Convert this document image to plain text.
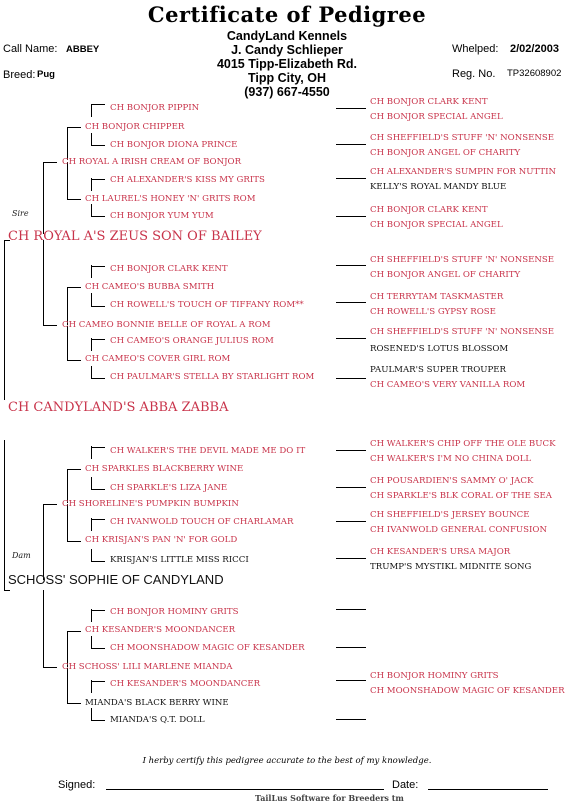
Certificate of Pedigree
CandyLand Kennels
J. Candy Schlieper
4015 Tipp-Elizabeth Rd.
Tipp City, OH
(937) 667-4550
Call Name: ABBEY
Breed: Pug
Whelped: 2/02/2003
Reg. No. TP32608902
Sire
CH BONJOR PIPPIN
CH BONJOR CHIPPER
CH BONJOR DIONA PRINCE
CH ROYAL A IRISH CREAM OF BONJOR
CH ALEXANDER'S KISS MY GRITS
CH LAUREL'S HONEY 'N' GRITS ROM
CH BONJOR YUM YUM
CH ROYAL A'S ZEUS SON OF BAILEY
CH BONJOR CLARK KENT
CH CAMEO'S BUBBA SMITH
CH ROWELL'S TOUCH OF TIFFANY ROM**
CH CAMEO BONNIE BELLE OF ROYAL A ROM
CH CAMEO'S ORANGE JULIUS ROM
CH CAMEO'S COVER GIRL ROM
CH PAULMAR'S STELLA BY STARLIGHT ROM
CH BONJOR CLARK KENT
CH BONJOR SPECIAL ANGEL
CH SHEFFIELD'S STUFF 'N' NONSENSE
CH BONJOR ANGEL OF CHARITY
CH ALEXANDER'S SUMPIN FOR NUTTIN
KELLY'S ROYAL MANDY BLUE
CH BONJOR CLARK KENT
CH BONJOR SPECIAL ANGEL
CH SHEFFIELD'S STUFF 'N' NONSENSE
CH BONJOR ANGEL OF CHARITY
CH TERRYTAM TASKMASTER
CH ROWELL'S GYPSY ROSE
CH SHEFFIELD'S STUFF 'N' NONSENSE
ROSENED'S LOTUS BLOSSOM
PAULMAR'S SUPER TROUPER
CH CAMEO'S VERY VANILLA ROM
CH CANDYLAND'S ABBA ZABBA
Dam
CH WALKER'S THE DEVIL MADE ME DO IT
CH SPARKLES BLACKBERRY WINE
CH SPARKLE'S LIZA JANE
CH SHORELINE'S PUMPKIN BUMPKIN
CH IVANWOLD TOUCH OF CHARLAMAR
CH KRISJAN'S PAN 'N' FOR GOLD
KRISJAN'S LITTLE MISS RICCI
SCHOSS' SOPHIE OF CANDYLAND
CH BONJOR HOMINY GRITS
CH KESANDER'S MOONDANCER
CH MOONSHADOW MAGIC OF KESANDER
CH SCHOSS' LILI MARLENE MIANDA
CH KESANDER'S MOONDANCER
MIANDA'S BLACK BERRY WINE
MIANDA'S Q.T. DOLL
CH WALKER'S CHIP OFF THE OLE BUCK
CH WALKER'S I'M NO CHINA DOLL
CH POUSARDIEN'S SAMMY O' JACK
CH SPARKLE'S BLK CORAL OF THE SEA
CH SHEFFIELD'S JERSEY BOUNCE
CH IVANWOLD GENERAL CONFUSION
CH KESANDER'S URSA MAJOR
TRUMP'S MYSTIKL MIDNITE SONG
CH BONJOR HOMINY GRITS
CH MOONSHADOW MAGIC OF KESANDER
I herby certify this pedigree accurate to the best of my knowledge.
Signed:	Date:
TailLus Software for Breeders tm
